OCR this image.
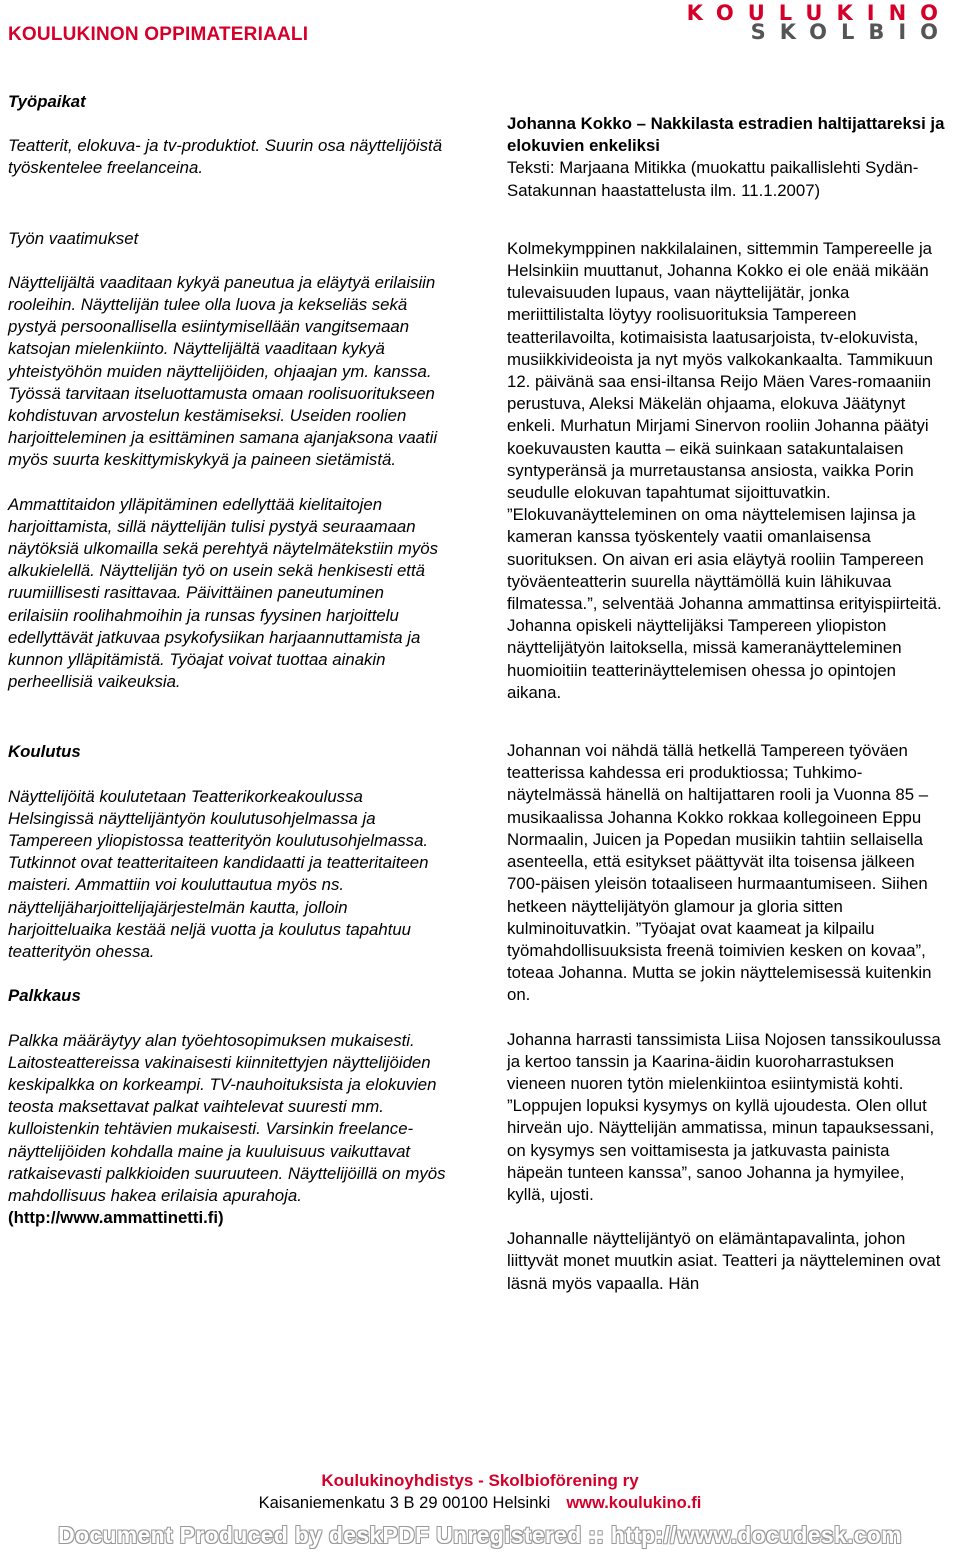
KOULUKINON OPPIMATERIAALI
KOULUKINO
SKOLBIO

Työpaikat

Teatterit, elokuva- ja tv-produktiot. Suurin osa näyttelijöistä työskentelee freelanceina.

Työn vaatimukset

Näyttelijältä vaaditaan kykyä paneutua ja eläytyä erilaisiin rooleihin. Näyttelijän tulee olla luova ja kekseliäs sekä pystyä persoonallisella esiintymisellään vangitsemaan katsojan mielenkiinto. Näyttelijältä vaaditaan kykyä yhteistyöhön muiden näyttelijöiden, ohjaajan ym. kanssa. Työssä tarvitaan itseluottamusta omaan roolisuoritukseen kohdistuvan arvostelun kestämiseksi. Useiden roolien harjoitteleminen ja esittäminen samana ajanjaksona vaatii myös suurta keskittymiskykyä ja paineen sietämistä.

Ammattitaidon ylläpitäminen edellyttää kielitaitojen harjoittamista, sillä näyttelijän tulisi pystyä seuraamaan näytöksiä ulkomailla sekä perehtyä näytelmätekstiin myös alkukielellä. Näyttelijän työ on usein sekä henkisesti että ruumiillisesti rasittavaa. Päivittäinen paneutuminen erilaisiin roolihahmoihin ja runsas fyysinen harjoittelu edellyttävät jatkuvaa psykofysiikan harjaannuttamista ja kunnon ylläpitämistä. Työajat voivat tuottaa ainakin perheellisiä vaikeuksia.

Koulutus

Näyttelijöitä koulutetaan Teatterikorkeakoulussa Helsingissä näyttelijäntyön koulutusohjelmassa ja Tampereen yliopistossa teatterityön koulutusohjelmassa. Tutkinnot ovat teatteritaiteen kandidaatti ja teatteritaiteen maisteri. Ammattiin voi kouluttautua myös ns. näyttelijäharjoittelijajärjestelmän kautta, jolloin harjoitteluaika kestää neljä vuotta ja koulutus tapahtuu teatterityön ohessa.

Palkkaus

Palkka määräytyy alan työehtosopimuksen mukaisesti. Laitosteattereissa vakinaisesti kiinnitettyjen näyttelijöiden keskipalkka on korkeampi. TV-nauhoituksista ja elokuvien teosta maksettavat palkat vaihtelevat suuresti mm. kulloistenkin tehtävien mukaisesti. Varsinkin freelance-näyttelijöiden kohdalla maine ja kuuluisuus vaikuttavat ratkaisevasti palkkioiden suuruuteen. Näyttelijöillä on myös mahdollisuus hakea erilaisia apurahoja.

(http://www.ammattinetti.fi)

Johanna Kokko – Nakkilasta estradien haltijattareksi ja elokuvien enkeliksi

Teksti: Marjaana Mitikka (muokattu paikallislehti Sydän-Satakunnan haastattelusta ilm. 11.1.2007)

Kolmekymppinen nakkilalainen, sittemmin Tampereelle ja Helsinkiin muuttanut, Johanna Kokko ei ole enää mikään tulevaisuuden lupaus, vaan näyttelijätär, jonka meriittilistalta löytyy roolisuorituksia Tampereen teatterilavoilta, kotimaisista laatusarjoista, tv-elokuvista, musiikkivideoista ja nyt myös valkokankaalta. Tammikuun 12. päivänä saa ensi-iltansa Reijo Mäen Vares-romaaniin perustuva, Aleksi Mäkelän ohjaama, elokuva Jäätynyt enkeli. Murhatun Mirjami Sinervon rooliin Johanna päätyi koekuvausten kautta – eikä suinkaan satakuntalaisen syntyperänsä ja murretaustansa ansiosta, vaikka Porin seudulle elokuvan tapahtumat sijoittuvatkin. ”Elokuvanäytteleminen on oma näyttelemisen lajinsa ja kameran kanssa työskentely vaatii omanlaisensa suorituksen. On aivan eri asia eläytyä rooliin Tampereen työväenteatterin suurella näyttämöllä kuin lähikuvaa filmatessa.”, selventää Johanna ammattinsa erityispiirteitä. Johanna opiskeli näyttelijäksi Tampereen yliopiston näyttelijätyön laitoksella, missä kameranäytteleminen huomioitiin teatterinäyttelemisen ohessa jo opintojen aikana.

Johannan voi nähdä tällä hetkellä Tampereen työväen teatterissa kahdessa eri produktiossa; Tuhkimo-näytelmässä hänellä on haltijattaren rooli ja Vuonna 85 –musikaalissa Johanna Kokko rokkaa kollegoineen Eppu Normaalin, Juicen ja Popedan musiikin tahtiin sellaisella asenteella, että esitykset päättyvät ilta toisensa jälkeen 700-päisen yleisön totaaliseen hurmaantumiseen. Siihen hetkeen näyttelijätyön glamour ja gloria sitten kulminoituvatkin. ”Työajat ovat kaameat ja kilpailu työmahdollisuuksista freenä toimivien kesken on kovaa”, toteaa Johanna. Mutta se jokin näyttelemisessä kuitenkin on.

Johanna harrasti tanssimista Liisa Nojosen tanssikoulussa ja kertoo tanssin ja Kaarina-äidin kuoroharrastuksen vieneen nuoren tytön mielenkiintoa esiintymistä kohti. ”Loppujen lopuksi kysymys on kyllä ujoudesta. Olen ollut hirveän ujo. Näyttelijän ammatissa, minun tapauksessani, on kysymys sen voittamisesta ja jatkuvasta painista häpeän tunteen kanssa”, sanoo Johanna ja hymyilee, kyllä, ujosti.

Johannalle näyttelijäntyö on elämäntapavalinta, johon liittyvät monet muutkin asiat. Teatteri ja näytteleminen ovat läsnä myös vapaalla. Hän

Koulukinoyhdistys - Skolbioförening ry
Kaisaniemenkatu 3 B 29 00100 Helsinki www.koulukino.fi
Document Produced by deskPDF Unregistered :: http://www.docudesk.com
